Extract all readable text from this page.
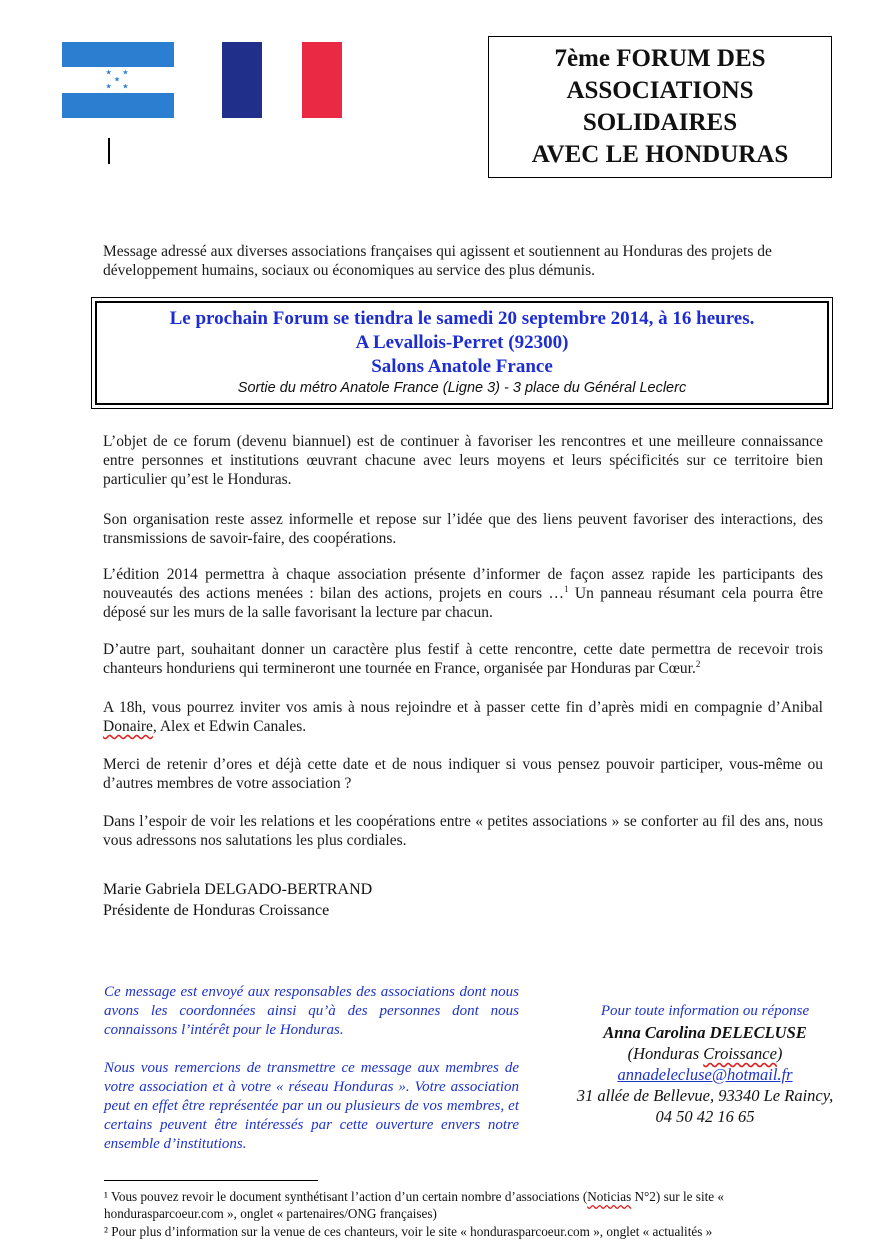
★  ★
★
★  ★
7ème FORUM DES
ASSOCIATIONS
SOLIDAIRES
AVEC LE HONDURAS
Message adressé aux diverses associations françaises qui agissent et soutiennent au Honduras des projets de développement humains, sociaux ou économiques au service des plus démunis.
Le prochain Forum se tiendra le samedi 20 septembre 2014, à 16 heures.
A Levallois-Perret (92300)
Salons Anatole France
Sortie du métro Anatole France (Ligne 3) - 3 place du Général Leclerc
L’objet de ce forum (devenu biannuel) est de continuer à favoriser les rencontres et une meilleure connaissance entre personnes et institutions œuvrant chacune avec leurs moyens et leurs spécificités sur ce territoire bien particulier qu’est le Honduras.
Son organisation reste assez informelle et repose sur l’idée que des liens peuvent favoriser des interactions, des transmissions de savoir-faire, des coopérations.
L’édition 2014 permettra à chaque association présente d’informer de façon assez rapide les participants des nouveautés des actions menées : bilan des actions, projets en cours …$^1$ Un panneau résumant cela pourra être déposé sur les murs de la salle favorisant la lecture par chacun.
D’autre part, souhaitant donner un caractère plus festif à cette rencontre, cette date permettra de recevoir trois chanteurs honduriens qui termineront une tournée en France, organisée par Honduras par Cœur.$^2$
A 18h, vous pourrez inviter vos amis à nous rejoindre et à passer cette fin d’après midi en compagnie d’Anibal Donaire, Alex et Edwin Canales.
Merci de retenir d’ores et déjà cette date et de nous indiquer si vous pensez pouvoir participer, vous-même ou d’autres membres de votre association ?
Dans l’espoir de voir les relations et les coopérations entre « petites associations » se conforter au fil des ans, nous vous adressons nos salutations les plus cordiales.
Marie Gabriela DELGADO-BERTRAND
Présidente de Honduras Croissance
Ce message est envoyé aux responsables des associations dont nous avons les coordonnées ainsi qu’à des personnes dont nous connaissons l’intérêt pour le Honduras.
Nous vous remercions de transmettre ce message aux membres de votre association et à votre « réseau Honduras ». Votre association peut en effet être représentée par un ou plusieurs de vos membres, et certains peuvent être intéressés par cette ouverture envers notre ensemble d’institutions.
Pour toute information ou réponse
Anna Carolina DELECLUSE
(Honduras Croissance)
annadelecluse@hotmail.fr
31 allée de Bellevue, 93340 Le Raincy,
04 50 42 16 65
¹ Vous pouvez revoir le document synthétisant l’action d’un certain nombre d’associations (Noticias N°2) sur le site « hondurasparcoeur.com », onglet « partenaires/ONG françaises)
² Pour plus d’information sur la venue de ces chanteurs, voir le site « hondurasparcoeur.com », onglet « actualités »
